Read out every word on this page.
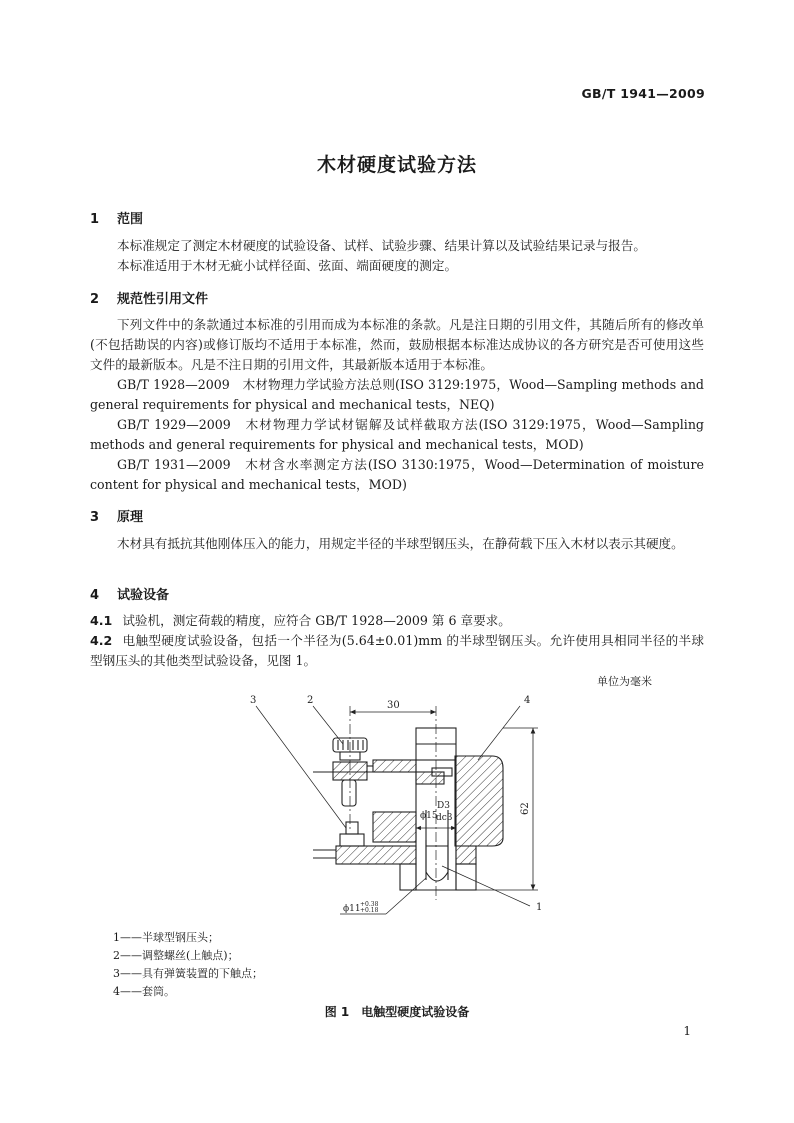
GB/T 1941—2009
木材硬度试验方法
1 范围
本标准规定了测定木材硬度的试验设备、试样、试验步骤、结果计算以及试验结果记录与报告。
本标准适用于木材无疵小试样径面、弦面、端面硬度的测定。
2 规范性引用文件
下列文件中的条款通过本标准的引用而成为本标准的条款。凡是注日期的引用文件，其随后所有的修改单(不包括勘误的内容)或修订版均不适用于本标准，然而，鼓励根据本标准达成协议的各方研究是否可使用这些文件的最新版本。凡是不注日期的引用文件，其最新版本适用于本标准。
GB/T 1928—2009　木材物理力学试验方法总则(ISO 3129:1975，Wood—Sampling methods and general requirements for physical and mechanical tests，NEQ)
GB/T 1929—2009　木材物理力学试材锯解及试样截取方法(ISO 3129:1975，Wood—Sampling methods and general requirements for physical and mechanical tests，MOD)
GB/T 1931—2009　木材含水率测定方法(ISO 3130:1975，Wood—Determination of moisture content for physical and mechanical tests，MOD)
3 原理
木材具有抵抗其他刚体压入的能力，用规定半径的半球型钢压头，在静荷载下压入木材以表示其硬度。
4 试验设备
4.1 试验机，测定荷载的精度，应符合 GB/T 1928—2009 第 6 章要求。
4.2 电触型硬度试验设备，包括一个半径为(5.64±0.01)mm 的半球型钢压头。允许使用具相同半径的半球型钢压头的其他类型试验设备，见图 1。
单位为毫米
3	2	4
1
30
62
ϕ15
D3
dc3
ϕ11 +0.38
+0.18
1——半球型钢压头；
2——调整螺丝(上触点)；
3——具有弹簧装置的下触点；
4——套筒。
图 1　电触型硬度试验设备
1
